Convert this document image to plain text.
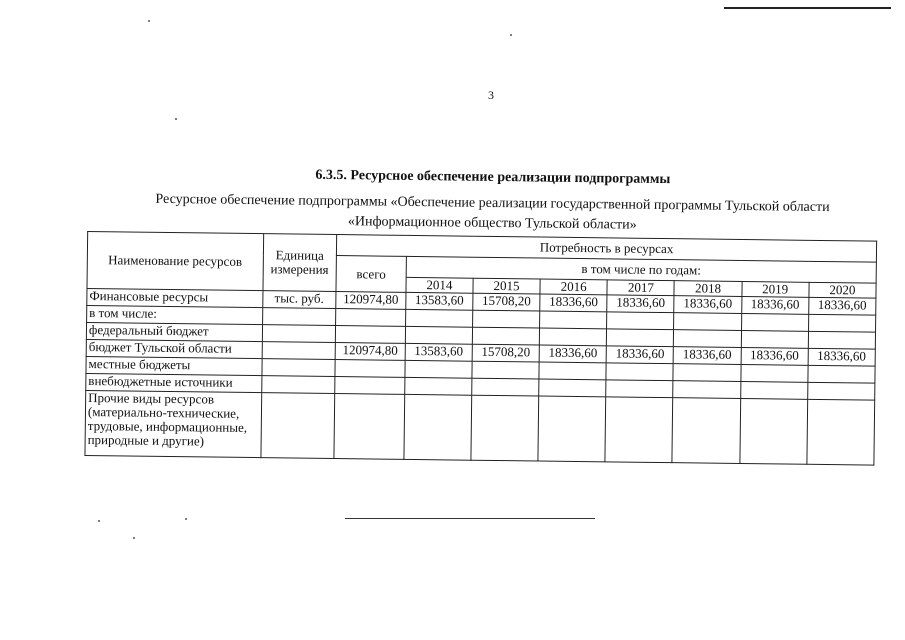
3
6.3.5. Ресурсное обеспечение реализации подпрограммы
Ресурсное обеспечение подпрограммы «Обеспечение реализации государственной программы Тульской области
«Информационное общество Тульской области»
Наименование ресурсов	Единица измерения	Потребность в ресурсах							
		всего	в том числе по годам:						
			2014	2015	2016	2017	2018	2019	2020
Финансовые ресурсы	тыс. руб.	120974,80	13583,60	15708,20	18336,60	18336,60	18336,60	18336,60	18336,60
в том числе:									
федеральный бюджет									
бюджет Тульской области		120974,80	13583,60	15708,20	18336,60	18336,60	18336,60	18336,60	18336,60
местные бюджеты									
внебюджетные источники									
Прочие виды ресурсов (материально-технические, трудовые, информационные, природные и другие)									
